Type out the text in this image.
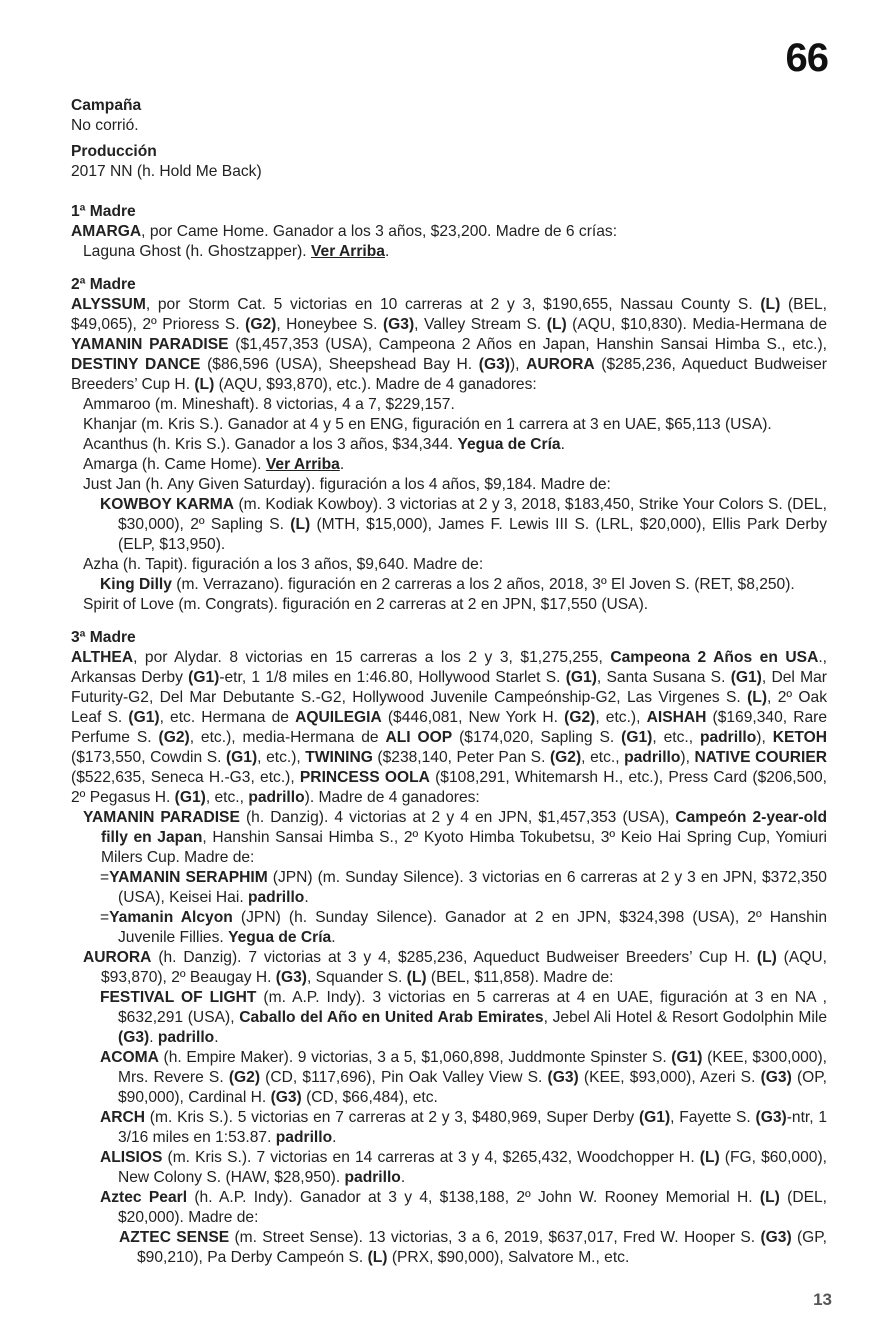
66
Campaña

No corrió.

Producción

2017 NN (h. Hold Me Back)

1ª Madre

AMARGA, por Came Home. Ganador a los 3 años, $23,200. Madre de 6 crías:

Laguna Ghost (h. Ghostzapper). Ver Arriba.

2ª Madre

ALYSSUM, por Storm Cat. 5 victorias en 10 carreras at 2 y 3, $190,655, Nassau County S. (L) (BEL, $49,065), 2º Prioress S. (G2), Honeybee S. (G3), Valley Stream S. (L) (AQU, $10,830). Media-Hermana de YAMANIN PARADISE ($1,457,353 (USA), Campeona 2 Años en Japan, Hanshin Sansai Himba S., etc.), DESTINY DANCE ($86,596 (USA), Sheepshead Bay H. (G3)), AURORA ($285,236, Aqueduct Budweiser Breeders’ Cup H. (L) (AQU, $93,870), etc.). Madre de 4 ganadores:

Ammaroo (m. Mineshaft). 8 victorias, 4 a 7, $229,157.

Khanjar (m. Kris S.). Ganador at 4 y 5 en ENG, figuración en 1 carrera at 3 en UAE, $65,113 (USA).

Acanthus (h. Kris S.). Ganador a los 3 años, $34,344. Yegua de Cría.

Amarga (h. Came Home). Ver Arriba.

Just Jan (h. Any Given Saturday). figuración a los 4 años, $9,184. Madre de:

KOWBOY KARMA (m. Kodiak Kowboy). 3 victorias at 2 y 3, 2018, $183,450, Strike Your Colors S. (DEL, $30,000), 2º Sapling S. (L) (MTH, $15,000), James F. Lewis III S. (LRL, $20,000), Ellis Park Derby (ELP, $13,950).

Azha (h. Tapit). figuración a los 3 años, $9,640. Madre de:

King Dilly (m. Verrazano). figuración en 2 carreras a los 2 años, 2018, 3º El Joven S. (RET, $8,250).

Spirit of Love (m. Congrats). figuración en 2 carreras at 2 en JPN, $17,550 (USA).

3ª Madre

ALTHEA, por Alydar. 8 victorias en 15 carreras a los 2 y 3, $1,275,255, Campeona 2 Años en USA., Arkansas Derby (G1)-etr, 1 1/8 miles en 1:46.80, Hollywood Starlet S. (G1), Santa Susana S. (G1), Del Mar Futurity-G2, Del Mar Debutante S.-G2, Hollywood Juvenile Campeónship-G2, Las Virgenes S. (L), 2º Oak Leaf S. (G1), etc. Hermana de AQUILEGIA ($446,081, New York H. (G2), etc.), AISHAH ($169,340, Rare Perfume S. (G2), etc.), media-Hermana de ALI OOP ($174,020, Sapling S. (G1), etc., padrillo), KETOH ($173,550, Cowdin S. (G1), etc.), TWINING ($238,140, Peter Pan S. (G2), etc., padrillo), NATIVE COURIER ($522,635, Seneca H.-G3, etc.), PRINCESS OOLA ($108,291, Whitemarsh H., etc.), Press Card ($206,500, 2º Pegasus H. (G1), etc., padrillo). Madre de 4 ganadores:

YAMANIN PARADISE (h. Danzig). 4 victorias at 2 y 4 en JPN, $1,457,353 (USA), Campeón 2-year-old filly en Japan, Hanshin Sansai Himba S., 2º Kyoto Himba Tokubetsu, 3º Keio Hai Spring Cup, Yomiuri Milers Cup. Madre de:

=YAMANIN SERAPHIM (JPN) (m. Sunday Silence). 3 victorias en 6 carreras at 2 y 3 en JPN, $372,350 (USA), Keisei Hai. padrillo.

=Yamanin Alcyon (JPN) (h. Sunday Silence). Ganador at 2 en JPN, $324,398 (USA), 2º Hanshin Juvenile Fillies. Yegua de Cría.

AURORA (h. Danzig). 7 victorias at 3 y 4, $285,236, Aqueduct Budweiser Breeders’ Cup H. (L) (AQU, $93,870), 2º Beaugay H. (G3), Squander S. (L) (BEL, $11,858). Madre de:

FESTIVAL OF LIGHT (m. A.P. Indy). 3 victorias en 5 carreras at 4 en UAE, figuración at 3 en NA , $632,291 (USA), Caballo del Año en United Arab Emirates, Jebel Ali Hotel & Resort Godolphin Mile (G3). padrillo.

ACOMA (h. Empire Maker). 9 victorias, 3 a 5, $1,060,898, Juddmonte Spinster S. (G1) (KEE, $300,000), Mrs. Revere S. (G2) (CD, $117,696), Pin Oak Valley View S. (G3) (KEE, $93,000), Azeri S. (G3) (OP, $90,000), Cardinal H. (G3) (CD, $66,484), etc.

ARCH (m. Kris S.). 5 victorias en 7 carreras at 2 y 3, $480,969, Super Derby (G1), Fayette S. (G3)-ntr, 1 3/16 miles en 1:53.87. padrillo.

ALISIOS (m. Kris S.). 7 victorias en 14 carreras at 3 y 4, $265,432, Woodchopper H. (L) (FG, $60,000), New Colony S. (HAW, $28,950). padrillo.

Aztec Pearl (h. A.P. Indy). Ganador at 3 y 4, $138,188, 2º John W. Rooney Memorial H. (L) (DEL, $20,000). Madre de:

AZTEC SENSE (m. Street Sense). 13 victorias, 3 a 6, 2019, $637,017, Fred W. Hooper S. (G3) (GP, $90,210), Pa Derby Campeón S. (L) (PRX, $90,000), Salvatore M., etc.

13
